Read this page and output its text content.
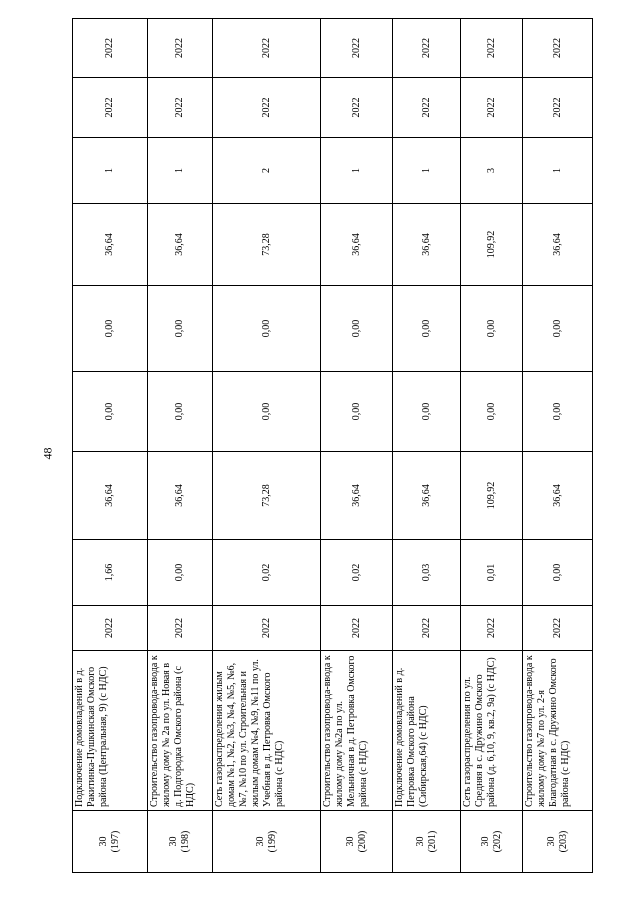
48
30
(197)	Подключение домовладений в д. Ракитинка-Пушкинская Омского района (Центральная, 9) (с НДС)	2022	1,66	36,64	0,00	0,00	36,64	1	2022	2022
30
(198)	Строительство газопровода-ввода к жилому дому № 2а по ул. Новая в д. Подгородка Омского района (с НДС)	2022	0,00	36,64	0,00	0,00	36,64	1	2022	2022
30
(199)	Сеть газораспределения жилым домам №1, №2, №3, №4, №5, №6, №7, №10 по ул. Строительная и жилым домам №4, №9, №11 по ул. Учебная в д. Петровка Омского района (с НДС)	2022	0,02	73,28	0,00	0,00	73,28	2	2022	2022
30
(200)	Строительство газопровода-ввода к жилому дому №2а по ул. Мельничная в д. Петровка Омского района (с НДС)	2022	0,02	36,64	0,00	0,00	36,64	1	2022	2022
30
(201)	Подключение домовладений в д. Петровка Омского района (Сибирская,64) (с НДС)	2022	0,03	36,64	0,00	0,00	36,64	1	2022	2022
30
(202)	Сеть газораспределения по ул. Средняя в с. Дружино Омского района (д. 6,10, 9, кв.2, 9а) (с НДС)	2022	0,01	109,92	0,00	0,00	109,92	3	2022	2022
30
(203)	Строительство газопровода-ввода к жилому дому №7 по ул. 2-я Благодатная в с. Дружино Омского района (с НДС)	2022	0,00	36,64	0,00	0,00	36,64	1	2022	2022
